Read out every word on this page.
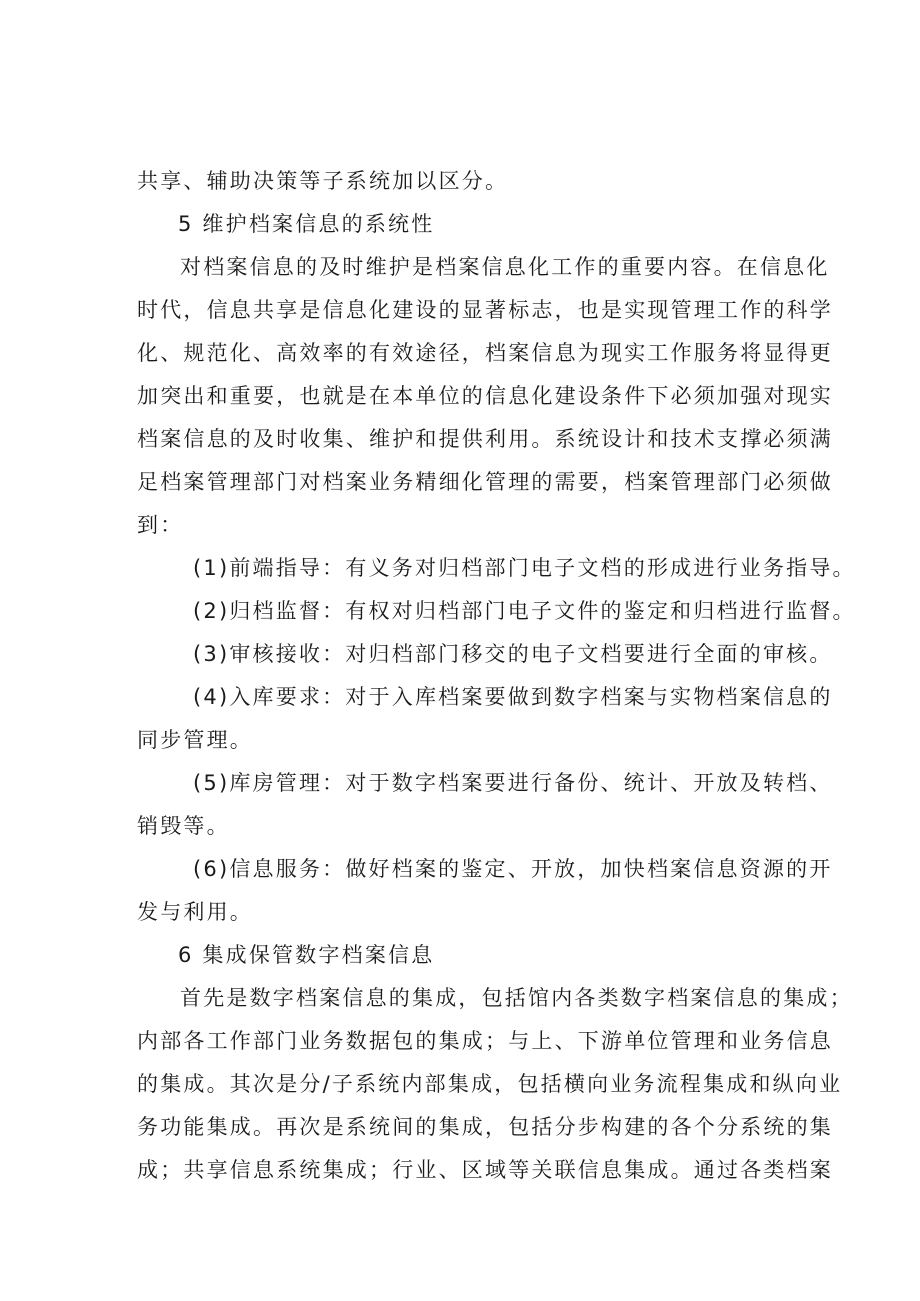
共享、辅助决策等子系统加以区分。
5 维护档案信息的系统性
对档案信息的及时维护是档案信息化工作的重要内容。在信息化
时代，信息共享是信息化建设的显著标志，也是实现管理工作的科学
化、规范化、高效率的有效途径，档案信息为现实工作服务将显得更
加突出和重要，也就是在本单位的信息化建设条件下必须加强对现实
档案信息的及时收集、维护和提供利用。系统设计和技术支撑必须满
足档案管理部门对档案业务精细化管理的需要，档案管理部门必须做
到：
(1)前端指导：有义务对归档部门电子文档的形成进行业务指导。
(2)归档监督：有权对归档部门电子文件的鉴定和归档进行监督。
(3)审核接收：对归档部门移交的电子文档要进行全面的审核。
(4)入库要求：对于入库档案要做到数字档案与实物档案信息的
同步管理。
(5)库房管理：对于数字档案要进行备份、统计、开放及转档、
销毁等。
(6)信息服务：做好档案的鉴定、开放，加快档案信息资源的开
发与利用。
6 集成保管数字档案信息
首先是数字档案信息的集成，包括馆内各类数字档案信息的集成；
内部各工作部门业务数据包的集成；与上、下游单位管理和业务信息
的集成。其次是分/子系统内部集成，包括横向业务流程集成和纵向业
务功能集成。再次是系统间的集成，包括分步构建的各个分系统的集
成；共享信息系统集成；行业、区域等关联信息集成。通过各类档案
